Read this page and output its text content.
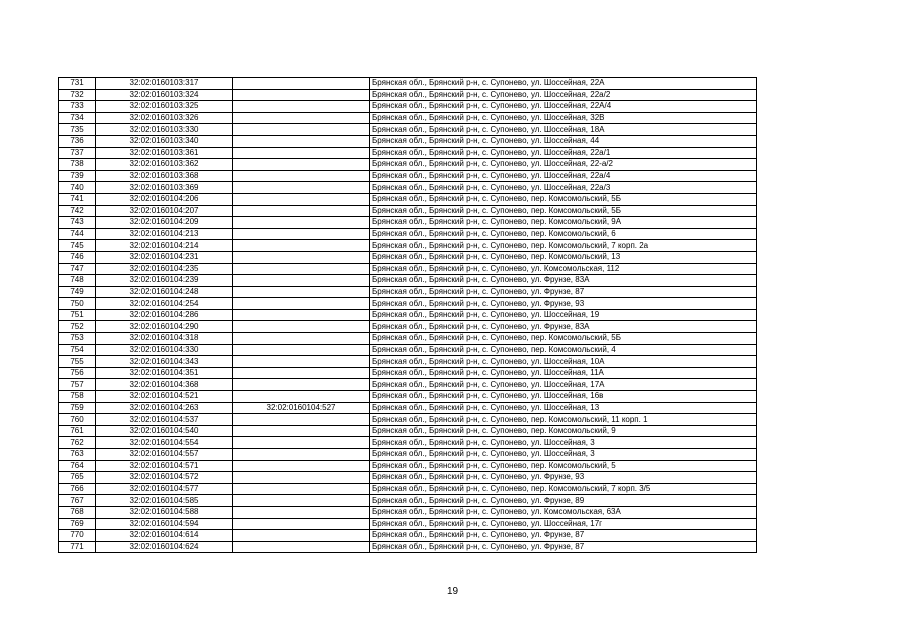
731	32:02:0160103:317		Брянская обл., Брянский р-н, с. Супонево, ул. Шоссейная, 22А
732	32:02:0160103:324		Брянская обл., Брянский р-н, с. Супонево, ул. Шоссейная, 22а/2
733	32:02:0160103:325		Брянская обл., Брянский р-н, с. Супонево, ул. Шоссейная, 22А/4
734	32:02:0160103:326		Брянская обл., Брянский р-н, с. Супонево, ул. Шоссейная, 32В
735	32:02:0160103:330		Брянская обл., Брянский р-н, с. Супонево, ул. Шоссейная, 18А
736	32:02:0160103:340		Брянская обл., Брянский р-н, с. Супонево, ул. Шоссейная, 44
737	32:02:0160103:361		Брянская обл., Брянский р-н, с. Супонево, ул. Шоссейная, 22а/1
738	32:02:0160103:362		Брянская обл., Брянский р-н, с. Супонево, ул. Шоссейная, 22-а/2
739	32:02:0160103:368		Брянская обл., Брянский р-н, с. Супонево, ул. Шоссейная, 22а/4
740	32:02:0160103:369		Брянская обл., Брянский р-н, с. Супонево, ул. Шоссейная, 22а/3
741	32:02:0160104:206		Брянская обл., Брянский р-н, с. Супонево, пер. Комсомольский, 5Б
742	32:02:0160104:207		Брянская обл., Брянский р-н, с. Супонево, пер. Комсомольский, 5Б
743	32:02:0160104:209		Брянская обл., Брянский р-н, с. Супонево, пер. Комсомольский, 9А
744	32:02:0160104:213		Брянская обл., Брянский р-н, с. Супонево, пер. Комсомольский, 6
745	32:02:0160104:214		Брянская обл., Брянский р-н, с. Супонево, пер. Комсомольский, 7 корп. 2а
746	32:02:0160104:231		Брянская обл., Брянский р-н, с. Супонево, пер. Комсомольский, 13
747	32:02:0160104:235		Брянская обл., Брянский р-н, с. Супонево, ул. Комсомольская, 112
748	32:02:0160104:239		Брянская обл., Брянский р-н, с. Супонево, ул. Фрунзе, 83А
749	32:02:0160104:248		Брянская обл., Брянский р-н, с. Супонево, ул. Фрунзе, 87
750	32:02:0160104:254		Брянская обл., Брянский р-н, с. Супонево, ул. Фрунзе, 93
751	32:02:0160104:286		Брянская обл., Брянский р-н, с. Супонево, ул. Шоссейная, 19
752	32:02:0160104:290		Брянская обл., Брянский р-н, с. Супонево, ул. Фрунзе, 83А
753	32:02:0160104:318		Брянская обл., Брянский р-н, с. Супонево, пер. Комсомольский, 5Б
754	32:02:0160104:330		Брянская обл., Брянский р-н, с. Супонево, пер. Комсомольский, 4
755	32:02:0160104:343		Брянская обл., Брянский р-н, с. Супонево, ул. Шоссейная, 10А
756	32:02:0160104:351		Брянская обл., Брянский р-н, с. Супонево, ул. Шоссейная, 11А
757	32:02:0160104:368		Брянская обл., Брянский р-н, с. Супонево, ул. Шоссейная, 17А
758	32:02:0160104:521		Брянская обл., Брянский р-н, с. Супонево, ул. Шоссейная, 16в
759	32:02:0160104:263	32:02:0160104:527	Брянская обл., Брянский р-н, с. Супонево, ул. Шоссейная, 13
760	32:02:0160104:537		Брянская обл., Брянский р-н, с. Супонево, пер. Комсомольский, 11 корп. 1
761	32:02:0160104:540		Брянская обл., Брянский р-н, с. Супонево, пер. Комсомольский, 9
762	32:02:0160104:554		Брянская обл., Брянский р-н, с. Супонево, ул. Шоссейная, 3
763	32:02:0160104:557		Брянская обл., Брянский р-н, с. Супонево, ул. Шоссейная, 3
764	32:02:0160104:571		Брянская обл., Брянский р-н, с. Супонево, пер. Комсомольский, 5
765	32:02:0160104:572		Брянская обл., Брянский р-н, с. Супонево, ул. Фрунзе, 93
766	32:02:0160104:577		Брянская обл., Брянский р-н, с. Супонево, пер. Комсомольский, 7 корп. 3/5
767	32:02:0160104:585		Брянская обл., Брянский р-н, с. Супонево, ул. Фрунзе, 89
768	32:02:0160104:588		Брянская обл., Брянский р-н, с. Супонево, ул. Комсомольская, 63А
769	32:02:0160104:594		Брянская обл., Брянский р-н, с. Супонево, ул. Шоссейная, 17г
770	32:02:0160104:614		Брянская обл., Брянский р-н, с. Супонево, ул. Фрунзе, 87
771	32:02:0160104:624		Брянская обл., Брянский р-н, с. Супонево, ул. Фрунзе, 87
19
